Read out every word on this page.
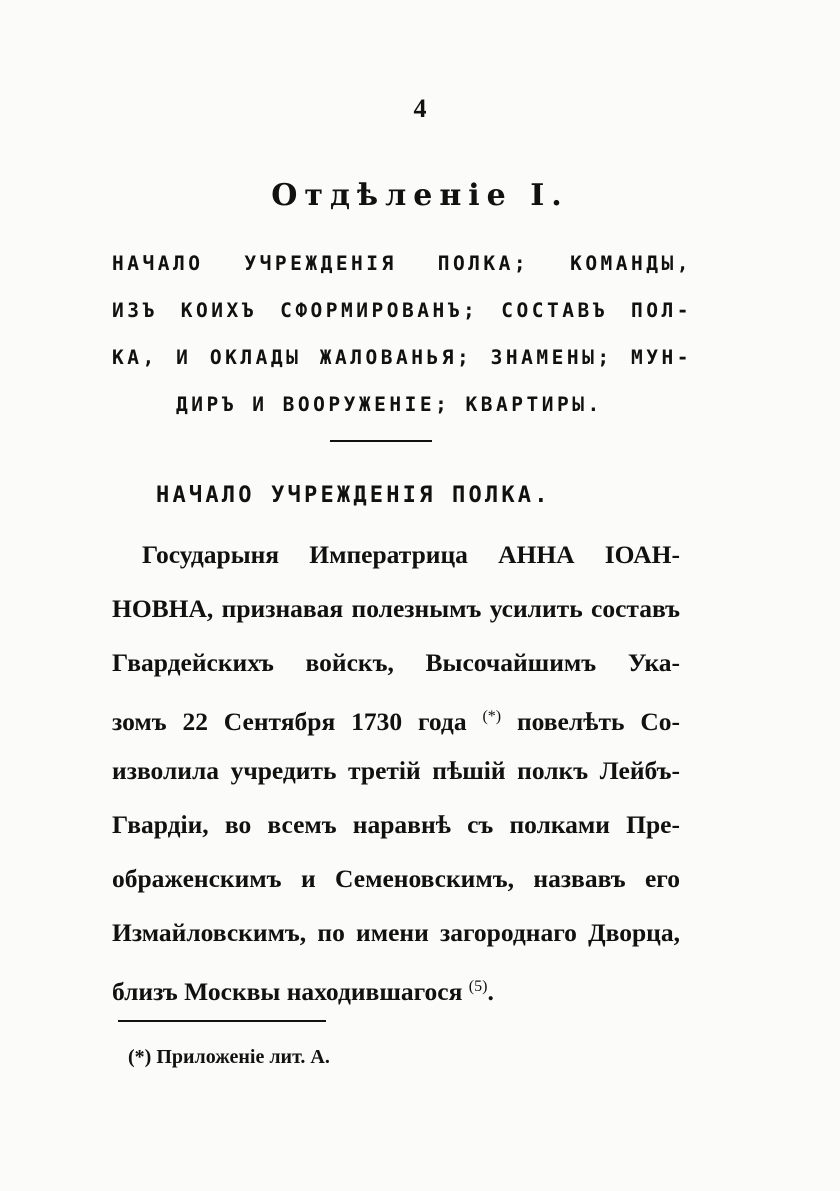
4
Отдѣленіе I.
НАЧАЛО УЧРЕЖДЕНІЯ ПОЛКА; КОМАНДЫ,
ИЗЪ КОИХЪ СФОРМИРОВАНЪ; СОСТАВЪ ПОЛ-
КА, И ОКЛАДЫ ЖАЛОВАНЬЯ; ЗНАМЕНЫ; МУН-
ДИРЪ И ВООРУЖЕНІЕ; КВАРТИРЫ.
НАЧАЛО УЧРЕЖДЕНІЯ ПОЛКА.
Государыня Императрица АННА ІОАН-
НОВНА, признавая полезнымъ усилить составъ
Гвардейскихъ войскъ, Высочайшимъ Ука-
зомъ 22 Сентября 1730 года (*) повелѣть Со-
изволила учредить третій пѣшій полкъ Лейбъ-
Гвардіи, во всемъ наравнѣ съ полками Пре-
ображенскимъ и Семеновскимъ, назвавъ его
Измайловскимъ, по имени загороднаго Дворца,
близъ Москвы находившагося $^{(5)}$.
(*) Приложеніе лит. А.
